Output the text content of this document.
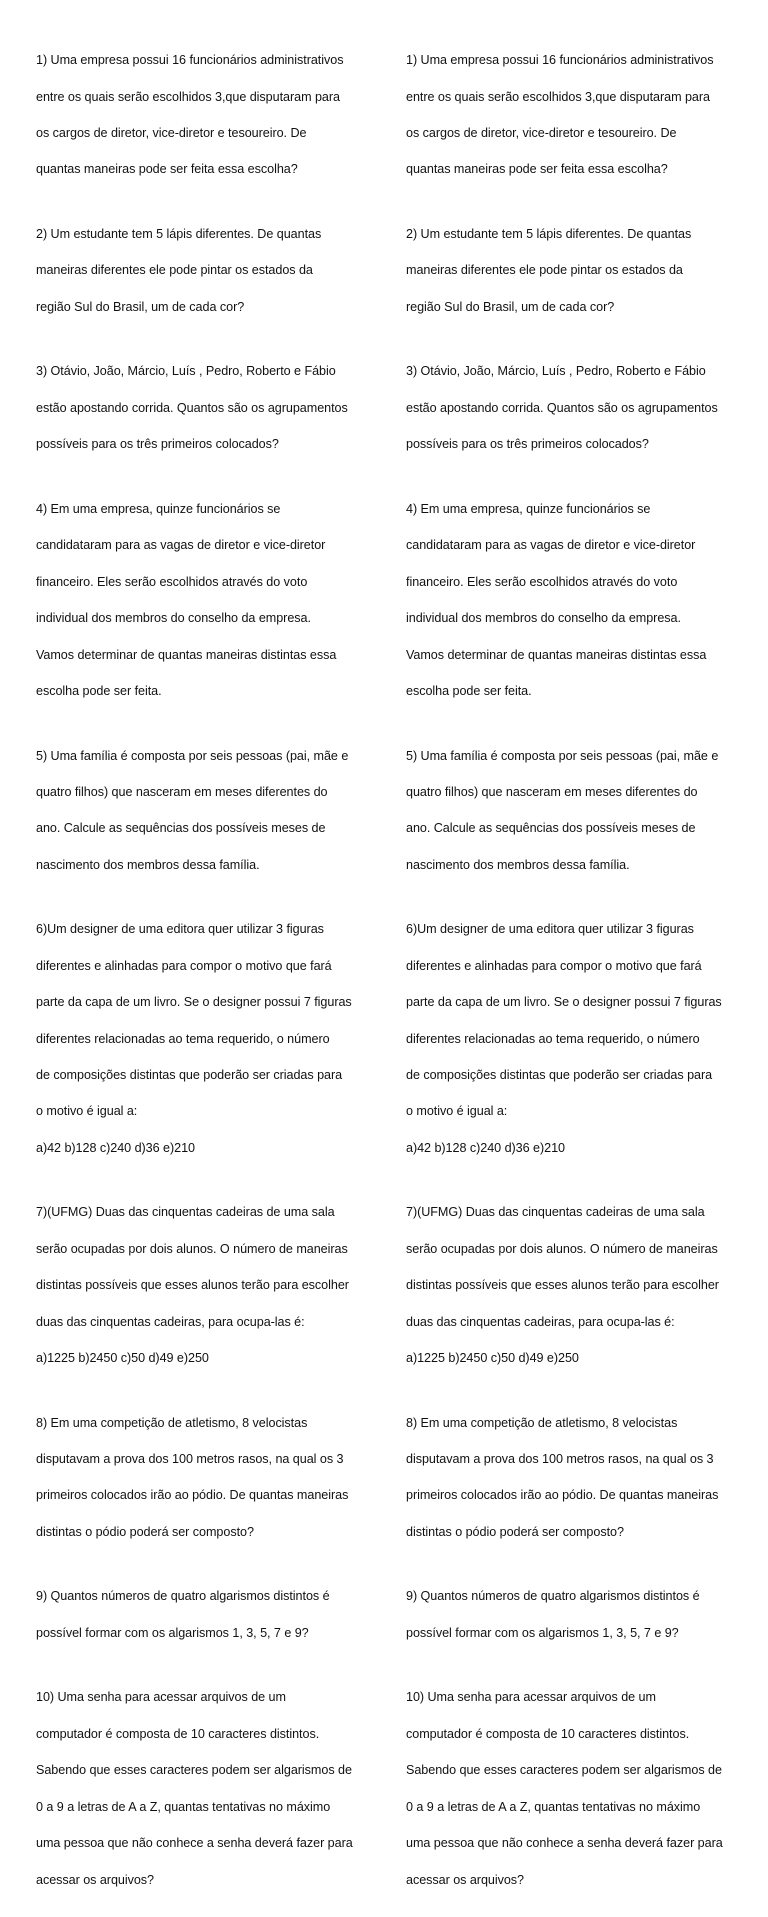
1) Uma empresa possui 16 funcionários administrativos

entre os quais serão escolhidos 3,que disputaram para

os cargos de diretor, vice-diretor e tesoureiro. De

quantas maneiras pode ser feita essa escolha?

2) Um estudante tem 5 lápis diferentes. De quantas

maneiras diferentes ele pode pintar os estados da

região Sul do Brasil, um de cada cor?

3) Otávio, João, Márcio, Luís , Pedro, Roberto e Fábio

estão apostando corrida. Quantos são os agrupamentos

possíveis para os três primeiros colocados?

4) Em uma empresa, quinze funcionários se

candidataram para as vagas de diretor e vice-diretor

financeiro. Eles serão escolhidos através do voto

individual dos membros do conselho da empresa.

Vamos determinar de quantas maneiras distintas essa

escolha pode ser feita.

5) Uma família é composta por seis pessoas (pai, mãe e

quatro filhos) que nasceram em meses diferentes do

ano. Calcule as sequências dos possíveis meses de

nascimento dos membros dessa família.

6)Um designer de uma editora quer utilizar 3 figuras

diferentes e alinhadas para compor o motivo que fará

parte da capa de um livro. Se o designer possui 7 figuras

diferentes relacionadas ao tema requerido, o número

de composições distintas que poderão ser criadas para

o motivo é igual a:

a)42 b)128 c)240 d)36 e)210

7)(UFMG) Duas das cinquentas cadeiras de uma sala

serão ocupadas por dois alunos. O número de maneiras

distintas possíveis que esses alunos terão para escolher

duas das cinquentas cadeiras, para ocupa-las é:

a)1225 b)2450 c)50 d)49 e)250

8) Em uma competição de atletismo, 8 velocistas

disputavam a prova dos 100 metros rasos, na qual os 3

primeiros colocados irão ao pódio. De quantas maneiras

distintas o pódio poderá ser composto?

9) Quantos números de quatro algarismos distintos é

possível formar com os algarismos 1, 3, 5, 7 e 9?

10) Uma senha para acessar arquivos de um

computador é composta de 10 caracteres distintos.

Sabendo que esses caracteres podem ser algarismos de

0 a 9 a letras de A a Z, quantas tentativas no máximo

uma pessoa que não conhece a senha deverá fazer para

acessar os arquivos?

1) Uma empresa possui 16 funcionários administrativos

entre os quais serão escolhidos 3,que disputaram para

os cargos de diretor, vice-diretor e tesoureiro. De

quantas maneiras pode ser feita essa escolha?

2) Um estudante tem 5 lápis diferentes. De quantas

maneiras diferentes ele pode pintar os estados da

região Sul do Brasil, um de cada cor?

3) Otávio, João, Márcio, Luís , Pedro, Roberto e Fábio

estão apostando corrida. Quantos são os agrupamentos

possíveis para os três primeiros colocados?

4) Em uma empresa, quinze funcionários se

candidataram para as vagas de diretor e vice-diretor

financeiro. Eles serão escolhidos através do voto

individual dos membros do conselho da empresa.

Vamos determinar de quantas maneiras distintas essa

escolha pode ser feita.

5) Uma família é composta por seis pessoas (pai, mãe e

quatro filhos) que nasceram em meses diferentes do

ano. Calcule as sequências dos possíveis meses de

nascimento dos membros dessa família.

6)Um designer de uma editora quer utilizar 3 figuras

diferentes e alinhadas para compor o motivo que fará

parte da capa de um livro. Se o designer possui 7 figuras

diferentes relacionadas ao tema requerido, o número

de composições distintas que poderão ser criadas para

o motivo é igual a:

a)42 b)128 c)240 d)36 e)210

7)(UFMG) Duas das cinquentas cadeiras de uma sala

serão ocupadas por dois alunos. O número de maneiras

distintas possíveis que esses alunos terão para escolher

duas das cinquentas cadeiras, para ocupa-las é:

a)1225 b)2450 c)50 d)49 e)250

8) Em uma competição de atletismo, 8 velocistas

disputavam a prova dos 100 metros rasos, na qual os 3

primeiros colocados irão ao pódio. De quantas maneiras

distintas o pódio poderá ser composto?

9) Quantos números de quatro algarismos distintos é

possível formar com os algarismos 1, 3, 5, 7 e 9?

10) Uma senha para acessar arquivos de um

computador é composta de 10 caracteres distintos.

Sabendo que esses caracteres podem ser algarismos de

0 a 9 a letras de A a Z, quantas tentativas no máximo

uma pessoa que não conhece a senha deverá fazer para

acessar os arquivos?
